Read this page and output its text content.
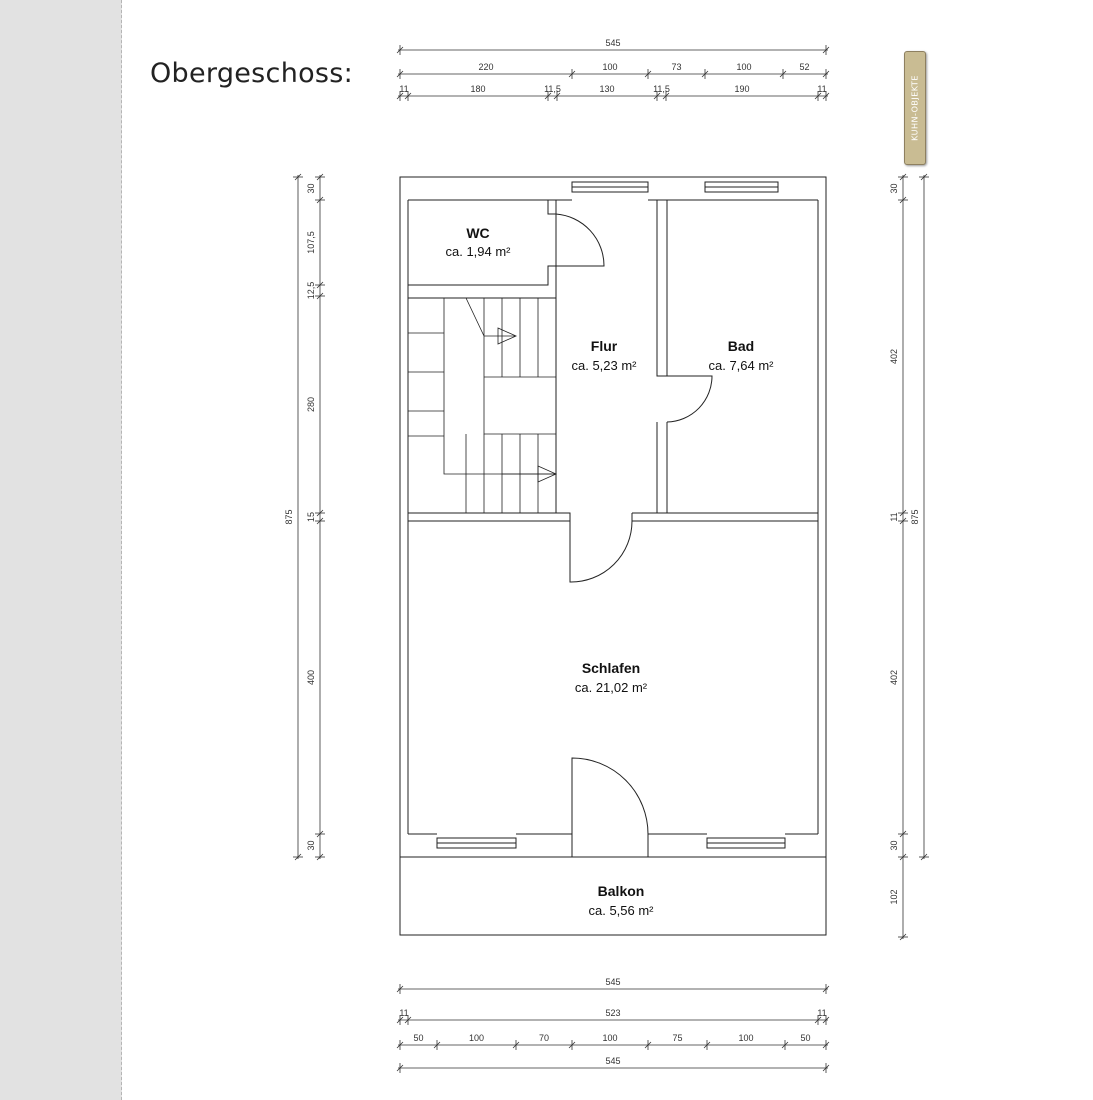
Obergeschoss:
KUHN-OBJEKTE
545
220	100	73	100	52
11	180	11,5	130	11,5	190	11
545
11	523	11
50	100	70	100	75	100	50
545
30
107,5
12,5
280
15
400
30
875
30
402
11
402
30
102
875
WC
ca. 1,94 m²
Flur
ca. 5,23 m²
Bad
ca. 7,64 m²
Schlafen
ca. 21,02 m²
Balkon
ca. 5,56 m²
